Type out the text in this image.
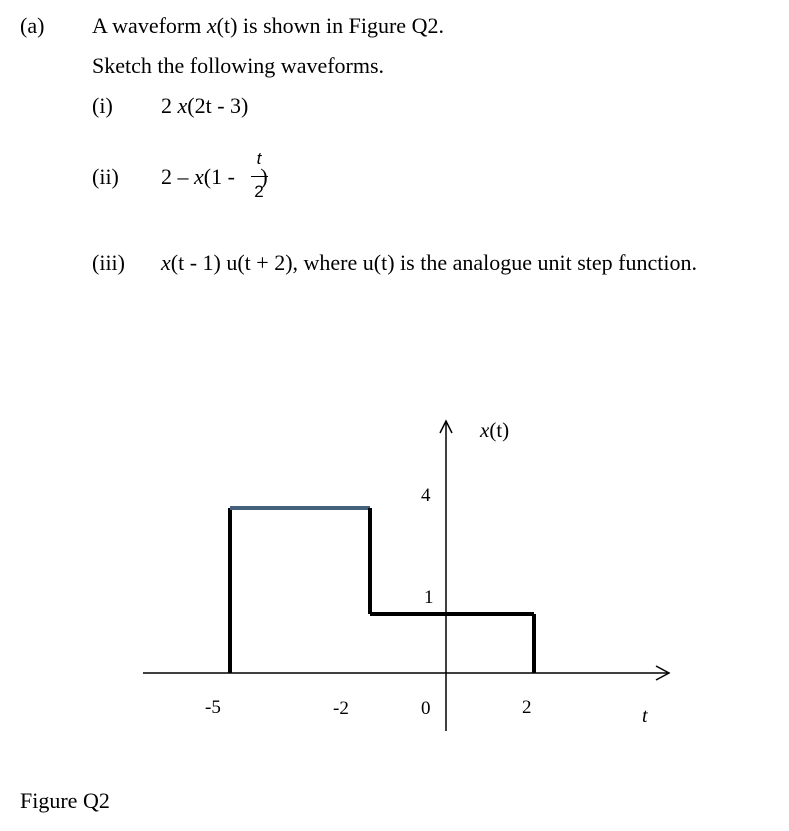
(a) A waveform x(t) is shown in Figure Q2.
Sketch the following waveforms.
(i) 2 x(2t - 3)
(ii) 2 – x(1 -
t
2
(iii) x(t - 1) u(t + 2), where u(t) is the analogue unit step function.
x(t)
4
1
-5	-2	0	2	t
Figure Q2
